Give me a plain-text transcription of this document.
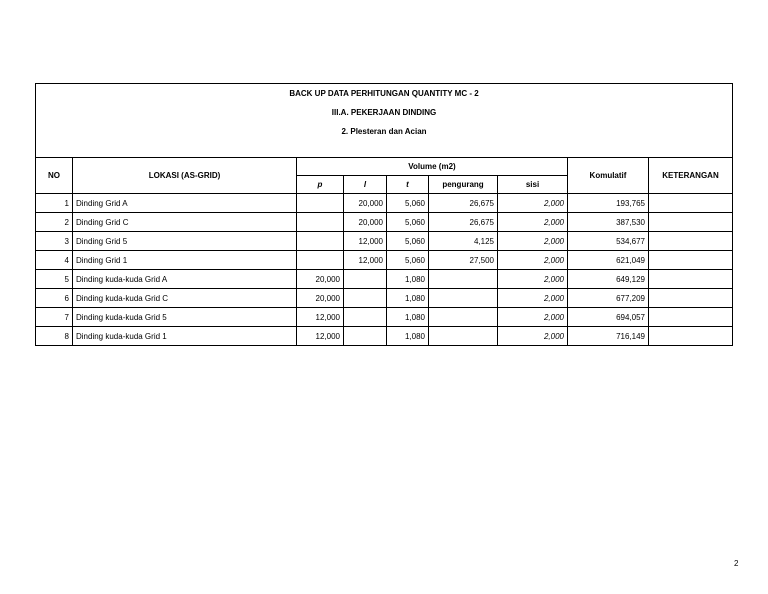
BACK UP DATA PERHITUNGAN QUANTITY MC - 2
III.A. PEKERJAAN DINDING
2. Plesteran dan Acian								

NO	LOKASI (AS-GRID)	Volume (m2)					Komulatif	KETERANGAN
		p	l	t	pengurang	sisi		
1	Dinding Grid A		20,000	5,060	26,675	2,000	193,765	
2	Dinding Grid C		20,000	5,060	26,675	2,000	387,530	
3	Dinding Grid 5		12,000	5,060	4,125	2,000	534,677	
4	Dinding Grid 1		12,000	5,060	27,500	2,000	621,049	
5	Dinding kuda-kuda Grid A	20,000		1,080		2,000	649,129	
6	Dinding kuda-kuda Grid C	20,000		1,080		2,000	677,209	
7	Dinding kuda-kuda Grid 5	12,000		1,080		2,000	694,057	
8	Dinding kuda-kuda Grid 1	12,000		1,080		2,000	716,149	
2
